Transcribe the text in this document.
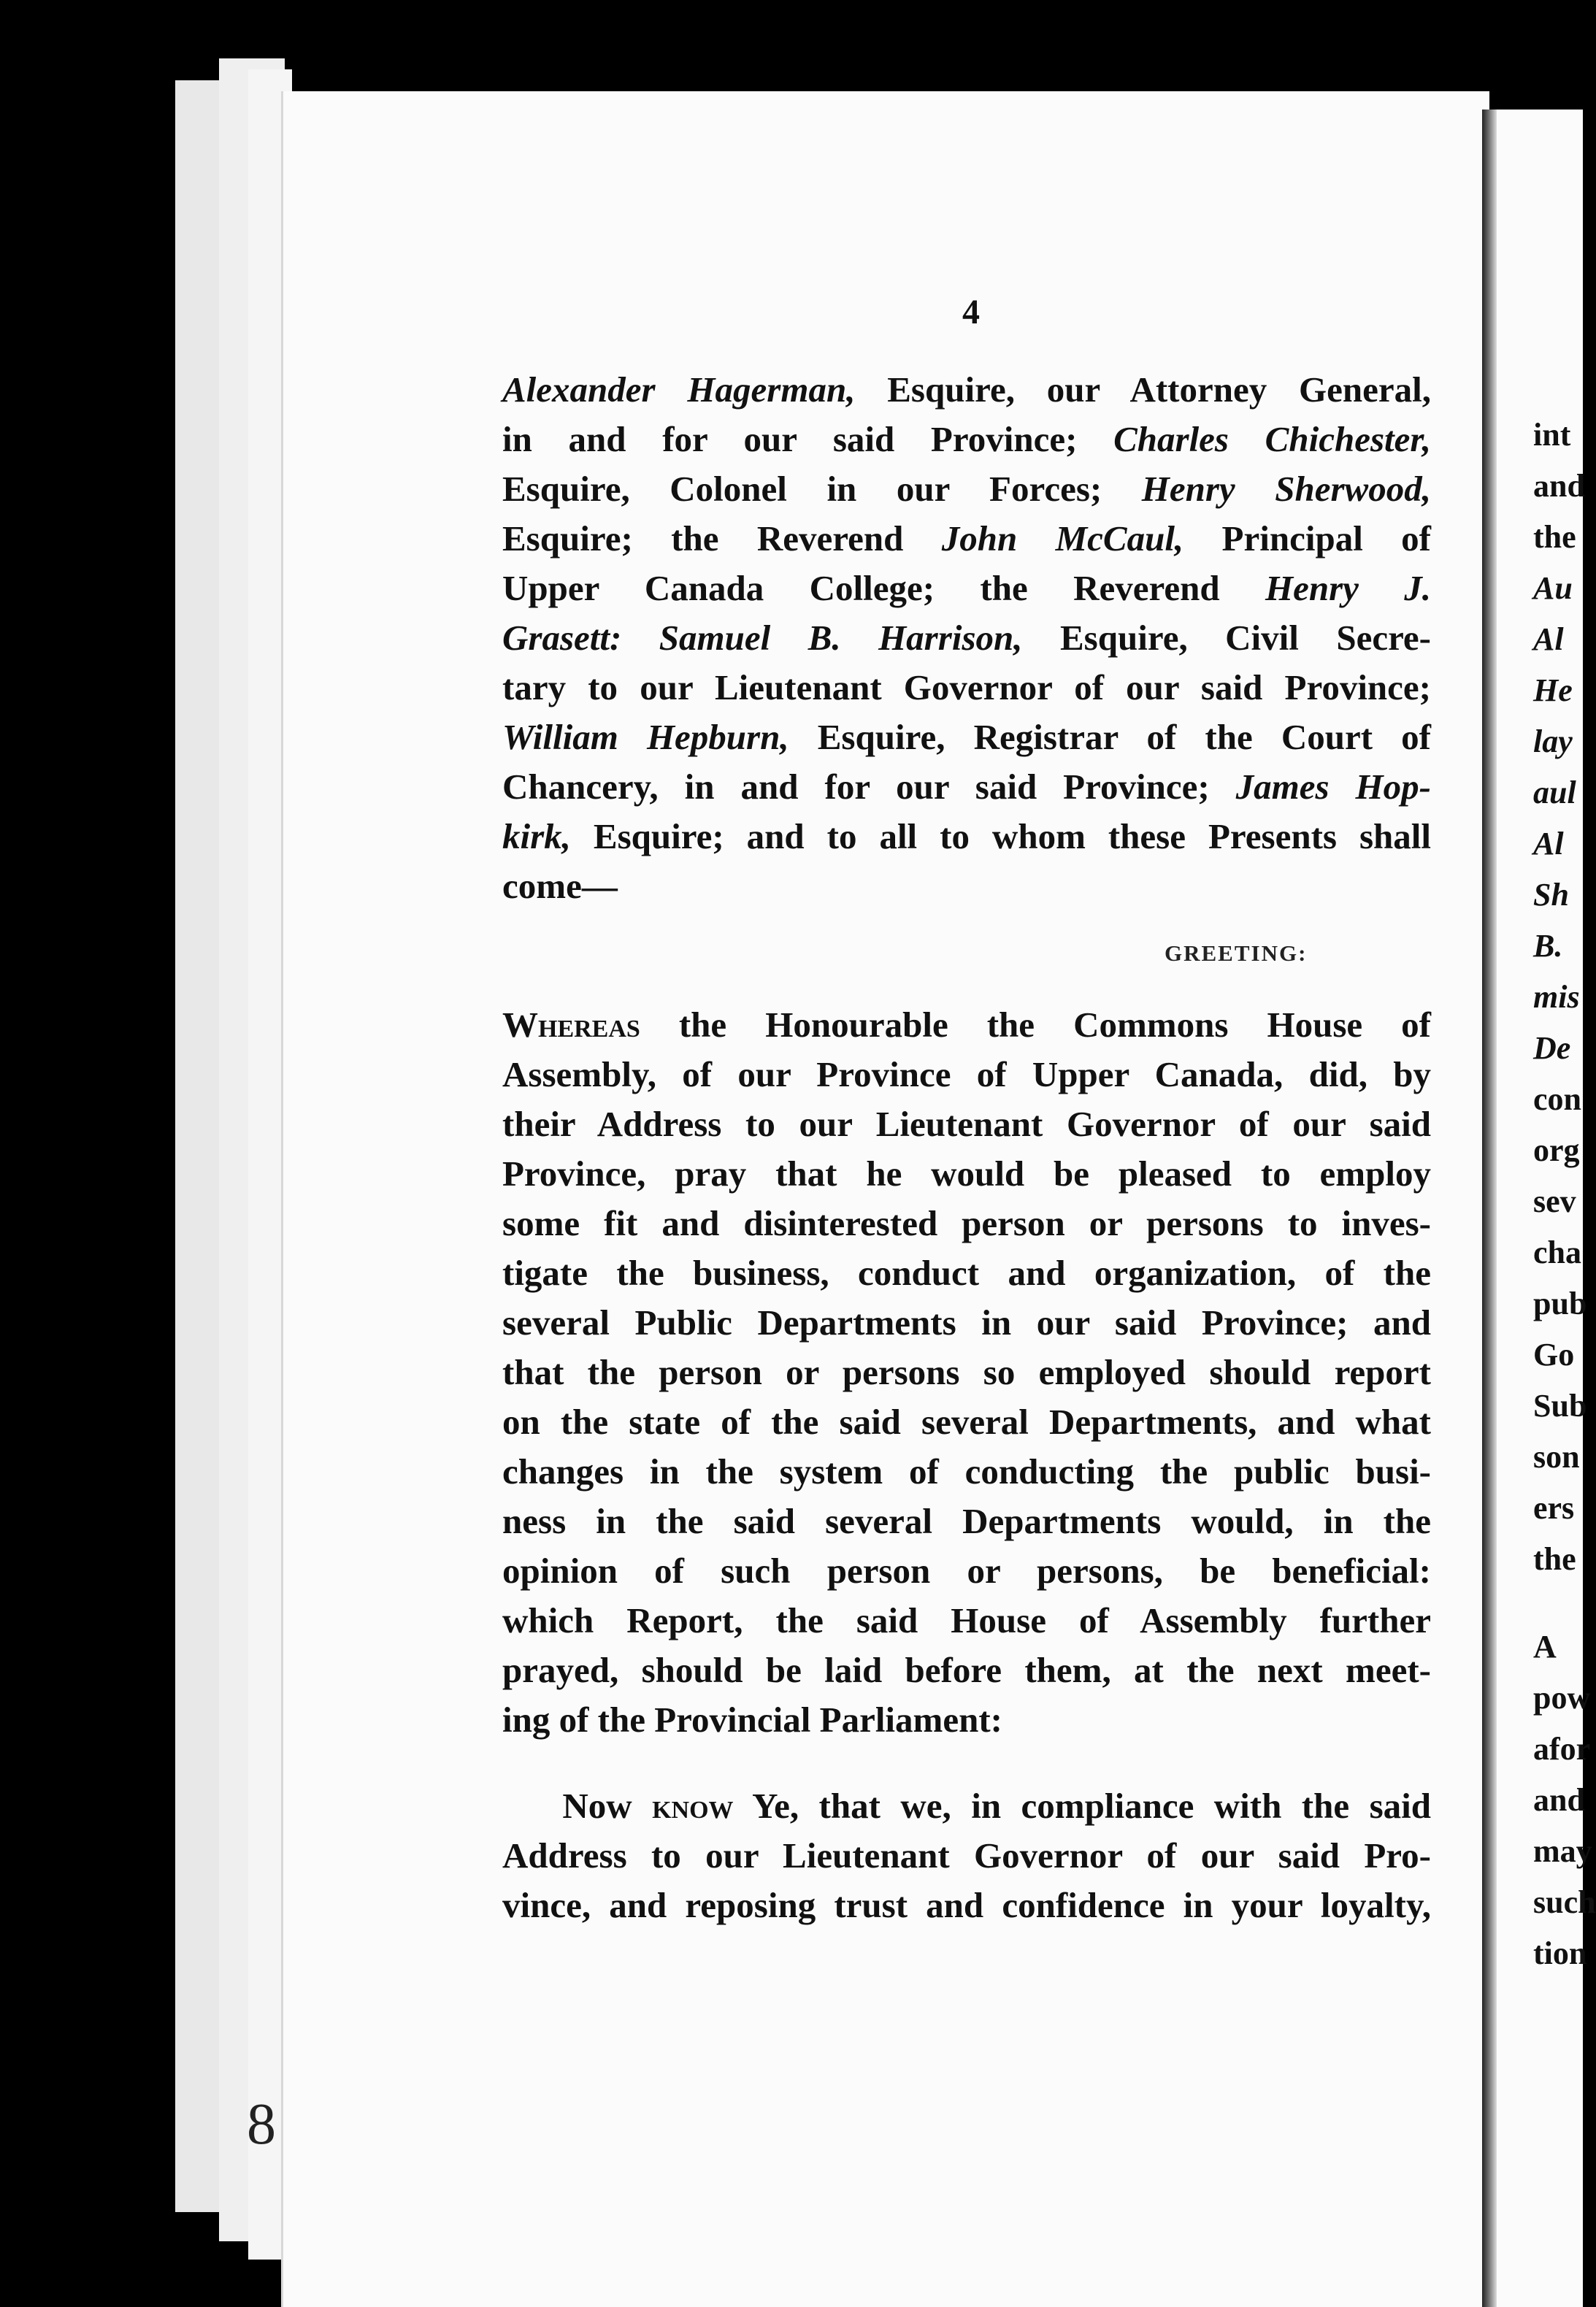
4
8

Alexander Hagerman, Esquire, our Attorney General,

in and for our said Province; Charles Chichester,

Esquire, Colonel in our Forces; Henry Sherwood,

Esquire; the Reverend John McCaul, Principal of

Upper Canada College; the Reverend Henry J.

Grasett: Samuel B. Harrison, Esquire, Civil Secre-

tary to our Lieutenant Governor of our said Province;

William Hepburn, Esquire, Registrar of the Court of

Chancery, in and for our said Province; James Hop-

kirk, Esquire; and to all to whom these Presents shall

come—

GREETING:

Whereas the Honourable the Commons House of

Assembly, of our Province of Upper Canada, did, by

their Address to our Lieutenant Governor of our said

Province, pray that he would be pleased to employ

some fit and disinterested person or persons to inves-

tigate the business, conduct and organization, of the

several Public Departments in our said Province; and

that the person or persons so employed should report

on the state of the said several Departments, and what

changes in the system of conducting the public busi-

ness in the said several Departments would, in the

opinion of such person or persons, be beneficial:

which Report, the said House of Assembly further

prayed, should be laid before them, at the next meet-

ing of the Provincial Parliament:

Now know Ye, that we, in compliance with the said

Address to our Lieutenant Governor of our said Pro-

vince, and reposing trust and confidence in your loyalty,

int
and
the
Au
Al
He
lay
aul
Al
Sh
B.
mis
De
con
org
sev
cha
pub
Go
Sub
son
ers
the
A
pow
afor
and
may
such
tion
